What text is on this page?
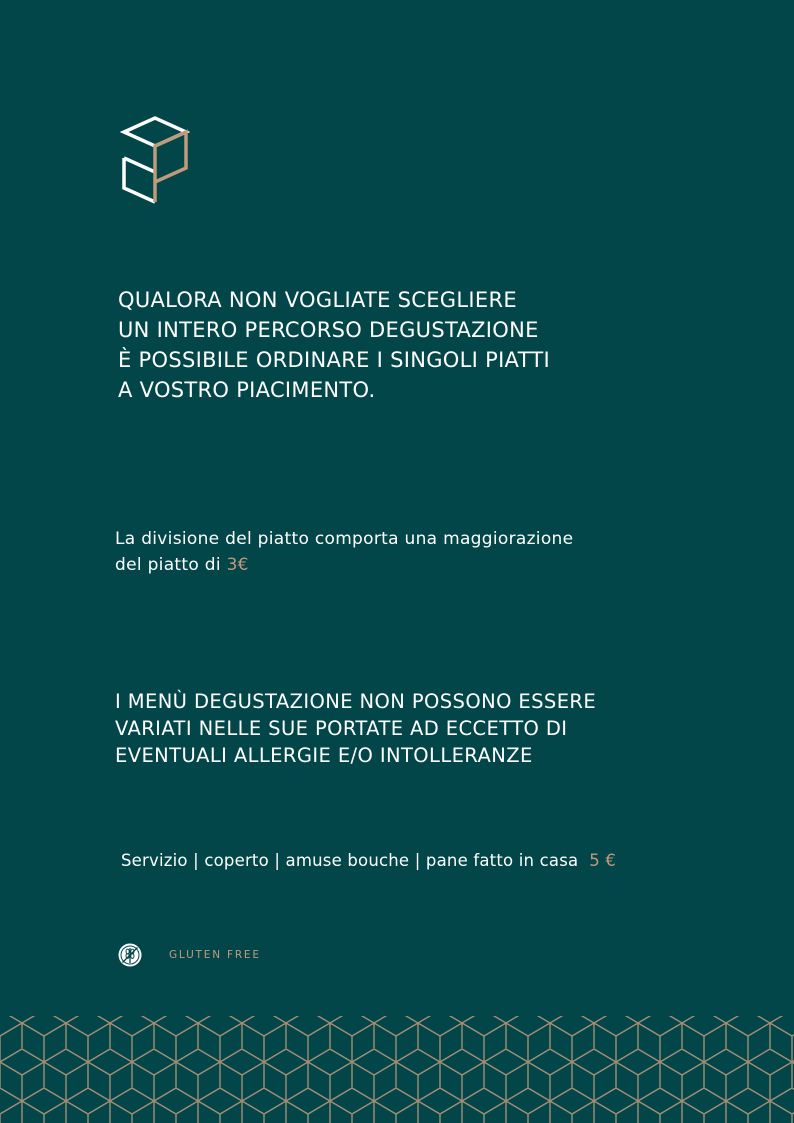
QUALORA NON VOGLIATE SCEGLIERE
UN INTERO PERCORSO DEGUSTAZIONE
È POSSIBILE ORDINARE I SINGOLI PIATTI
A VOSTRO PIACIMENTO.

La divisione del piatto comporta una maggiorazione
del piatto di 3€

I MENÙ DEGUSTAZIONE NON POSSONO ESSERE
VARIATI NELLE SUE PORTATE AD ECCETTO DI
EVENTUALI ALLERGIE E/O INTOLLERANZE

Servizio | coperto | amuse bouche | pane fatto in casa 5 €

GLUTEN FREE
